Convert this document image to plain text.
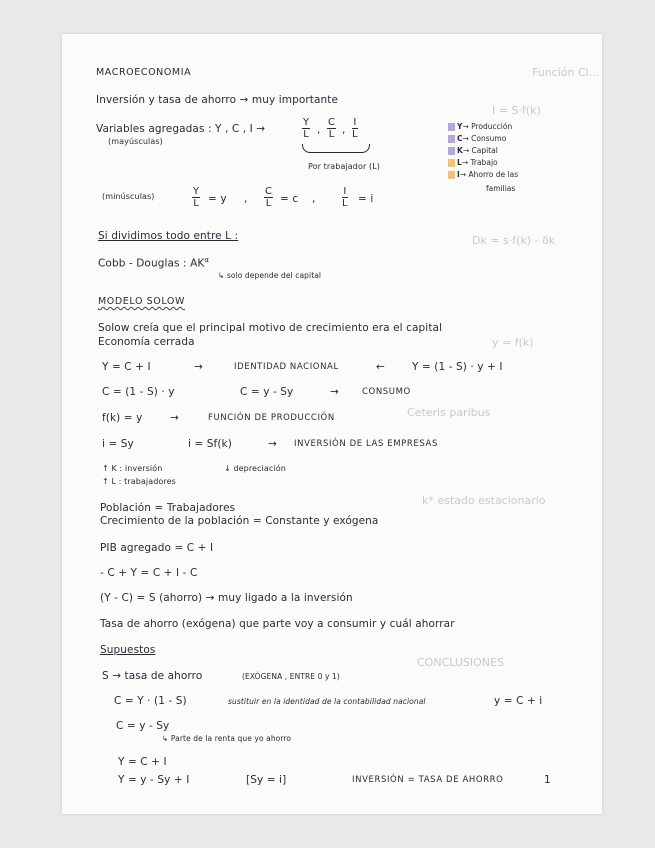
Función Ci...
I = S·f(k)
Dk = s·f(k) - δk
Ceteris paribus
k* estado estacionario
y = f(k)
CONCLUSIONES
MACROECONOMIA
Inversión y tasa de ahorro → muy importante
Variables agregadas : Y , C , I →
(mayúsculas)
$\frac{Y}{L}$ , $\frac{C}{L}$ , $\frac{I}{L}$
Por trabajador (L)
Y→ Producción
C→ Consumo
K→ Capital
L→ Trabajo
I→ Ahorro de las
familias
(minúsculas)	$\frac{Y}{L} = y$ , $\frac{C}{L} = c$ ,	$\frac{I}{L} = i$
Si dividimos todo entre L :
Cobb - Douglas : $AK^\alpha$
↳ solo depende del capital
MODELO SOLOW
Solow creía que el principal motivo de crecimiento era el capital
Economía cerrada
Y = C + I	→	IDENTIDAD NACIONAL	←	Y = (1 - S) · y + I
C = (1 - S) · y	C = y - Sy	→	CONSUMO
f(k) = y	→	FUNCIÓN DE PRODUCCIÓN
i = Sy	i = Sf(k)	→ INVERSIÓN DE LAS EMPRESAS
↑ K : inversión	↓ depreciación
↑ L : trabajadores
Población = Trabajadores
Crecimiento de la población = Constante y exógena
PIB agregado = C + I
- C + Y = C + I - C
(Y - C) = S (ahorro) → muy ligado a la inversión
Tasa de ahorro (exógena) que parte voy a consumir y cuál ahorrar
Supuestos
S → tasa de ahorro	(EXÓGENA , ENTRE 0 y 1)
C = Y · (1 - S)	sustituir en la identidad de la contabilidad nacional	y = C + i
C = y - Sy
↳ Parte de la renta que yo ahorro
Y = C + I
Y = y - Sy + I	[Sy = i]	INVERSIÓN = TASA DE AHORRO	1
